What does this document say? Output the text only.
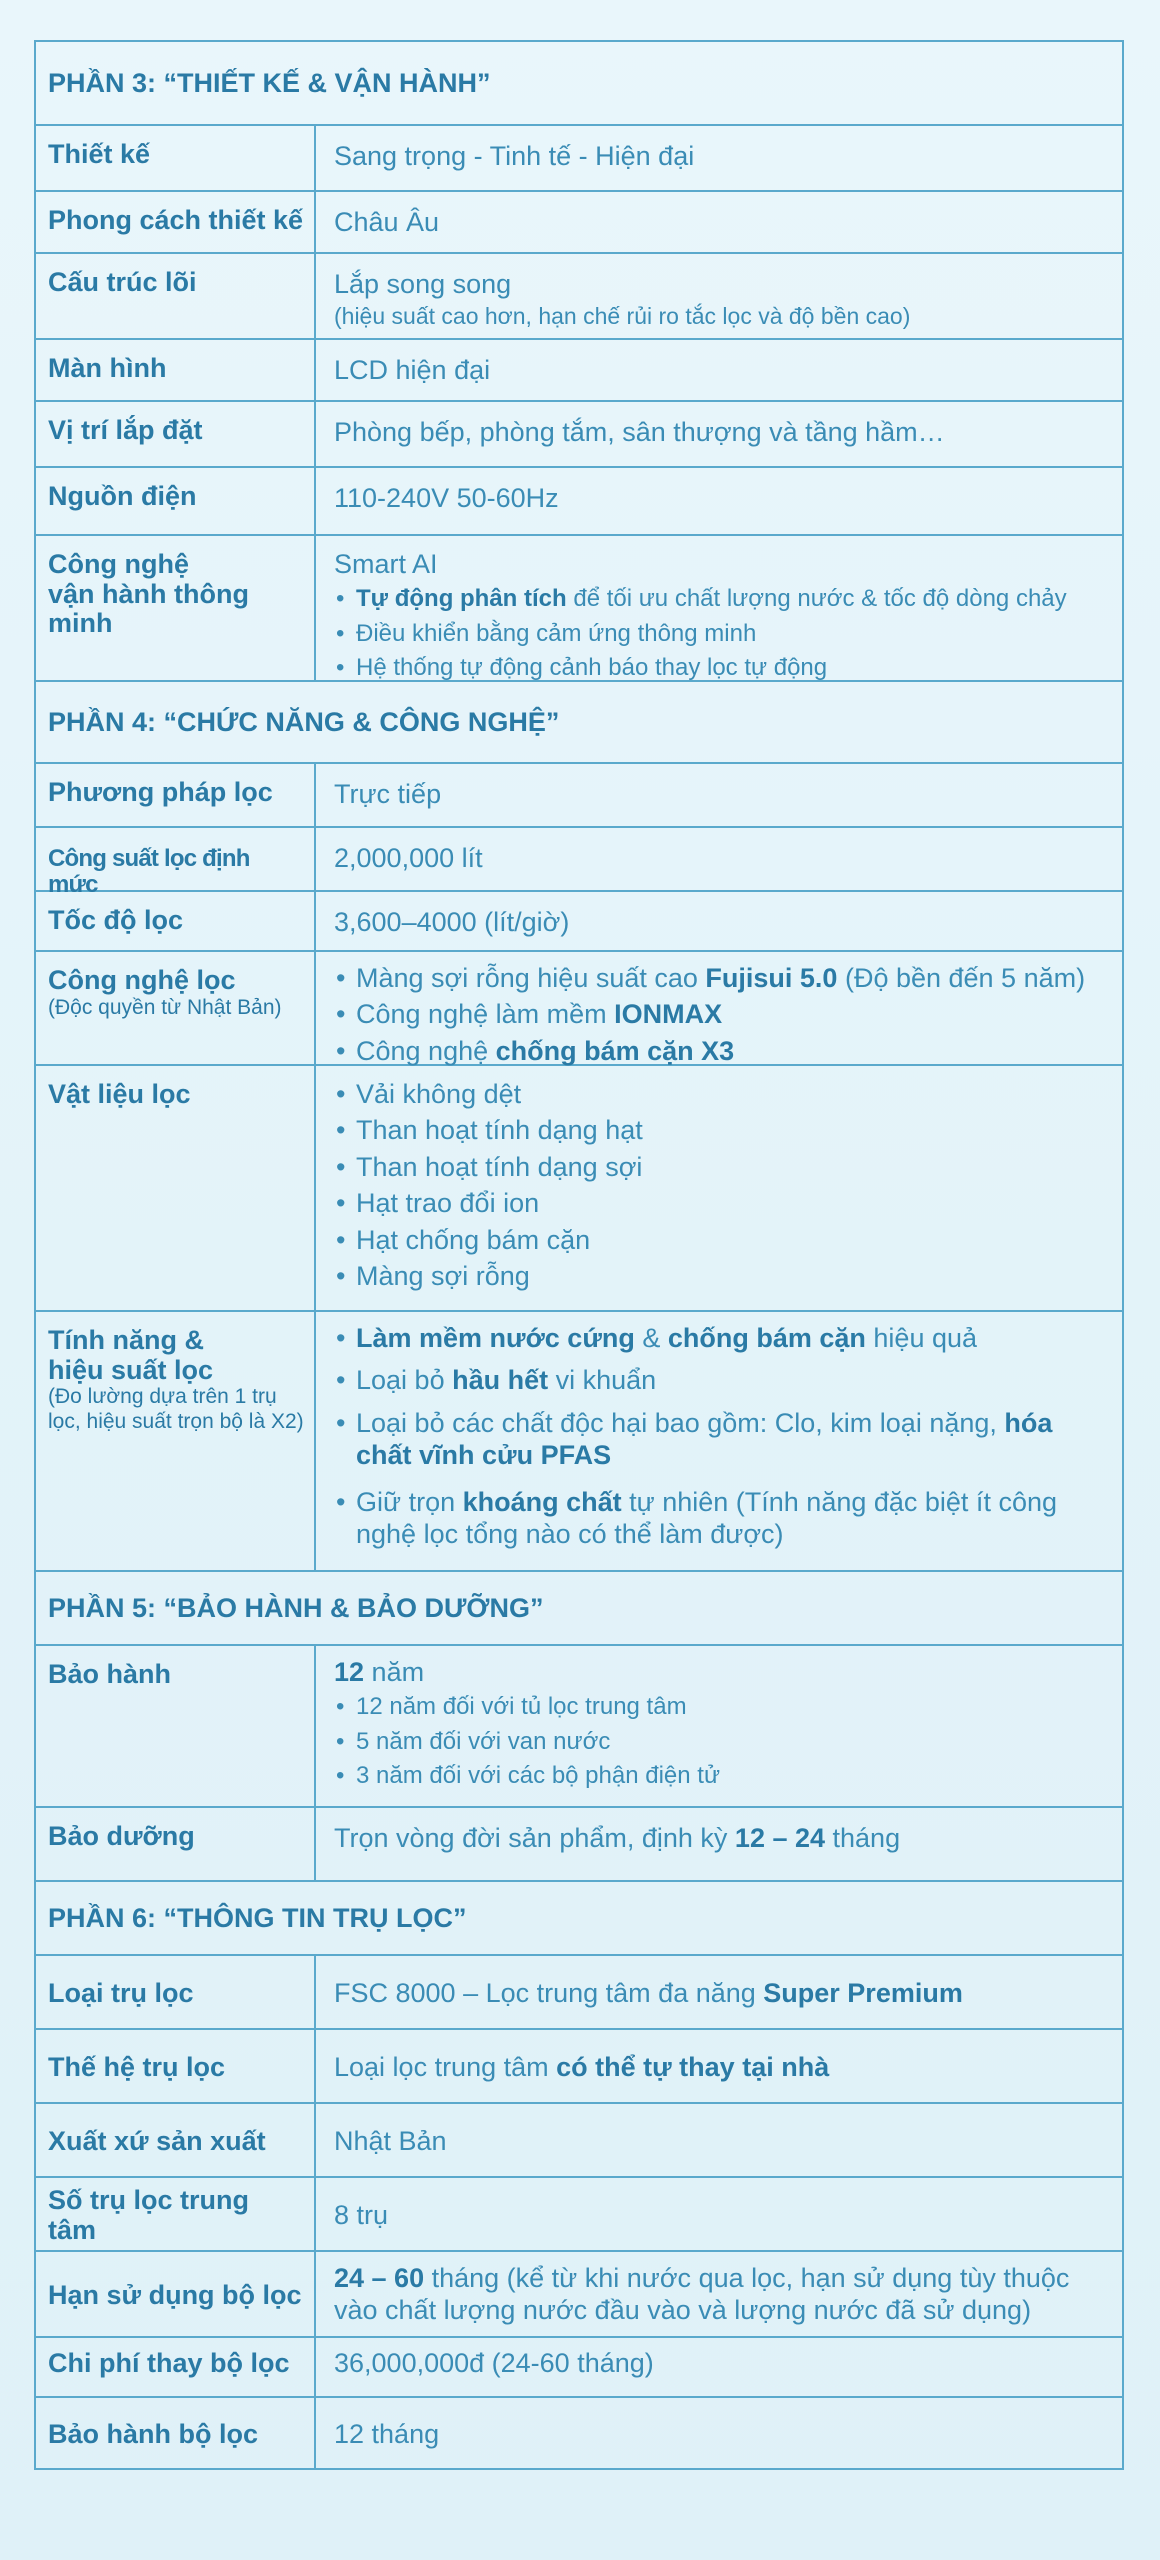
PHẦN 3: “THIẾT KẾ & VẬN HÀNH”
Thiết kế	Sang trọng - Tinh tế - Hiện đại
Phong cách thiết kế	Châu Âu
Cấu trúc lõi	Lắp song song
(hiệu suất cao hơn, hạn chế rủi ro tắc lọc và độ bền cao)
Màn hình	LCD hiện đại
Vị trí lắp đặt	Phòng bếp, phòng tắm, sân thượng và tầng hầm…
Nguồn điện	110-240V 50-60Hz
Công nghệ
vận hành thông minh
Smart AI
• Tự động phân tích để tối ưu chất lượng nước & tốc độ dòng chảy
• Điều khiển bằng cảm ứng thông minh
• Hệ thống tự động cảnh báo thay lọc tự động
PHẦN 4: “CHỨC NĂNG & CÔNG NGHỆ”
Phương pháp lọc	Trực tiếp
Công suất lọc định mức
2,000,000 lít
Tốc độ lọc	3,600–4000 (lít/giờ)
Công nghệ lọc
(Độc quyền từ Nhật Bản)
• Màng sợi rỗng hiệu suất cao Fujisui 5.0 (Độ bền đến 5 năm)
• Công nghệ làm mềm IONMAX
• Công nghệ chống bám cặn X3
Vật liệu lọc
•	Vải không dệt
• Than hoạt tính dạng hạt
• Than hoạt tính dạng sợi
• Hạt trao đổi ion
• Hạt chống bám cặn
• Màng sợi rỗng
Tính năng &
hiệu suất lọc
(Đo lường dựa trên 1 trụ lọc, hiệu suất trọn bộ là X2)
• Làm mềm nước cứng & chống bám cặn hiệu quả
• Loại bỏ hầu hết vi khuẩn
• Loại bỏ các chất độc hại bao gồm: Clo, kim loại nặng, hóa chất vĩnh cửu PFAS
• Giữ trọn khoáng chất tự nhiên (Tính năng đặc biệt ít công nghệ lọc tổng nào có thể làm được)
PHẦN 5: “BẢO HÀNH & BẢO DƯỠNG”
Bảo hành	12 năm
• 12 năm đối với tủ lọc trung tâm
• 5 năm đối với van nước
• 3 năm đối với các bộ phận điện tử
Bảo dưỡng	Trọn vòng đời sản phẩm, định kỳ 12 – 24 tháng
PHẦN 6: “THÔNG TIN TRỤ LỌC”
Loại trụ lọc	FSC 8000 – Lọc trung tâm đa năng Super Premium
Thế hệ trụ lọc	Loại lọc trung tâm có thể tự thay tại nhà
Xuất xứ sản xuất	Nhật Bản
Số trụ lọc trung tâm	8 trụ
Hạn sử dụng bộ lọc
24 – 60 tháng (kể từ khi nước qua lọc, hạn sử dụng tùy thuộc vào chất lượng nước đầu vào và lượng nước đã sử dụng)
Chi phí thay bộ lọc	36,000,000đ (24-60 tháng)
Bảo hành bộ lọc	12 tháng
